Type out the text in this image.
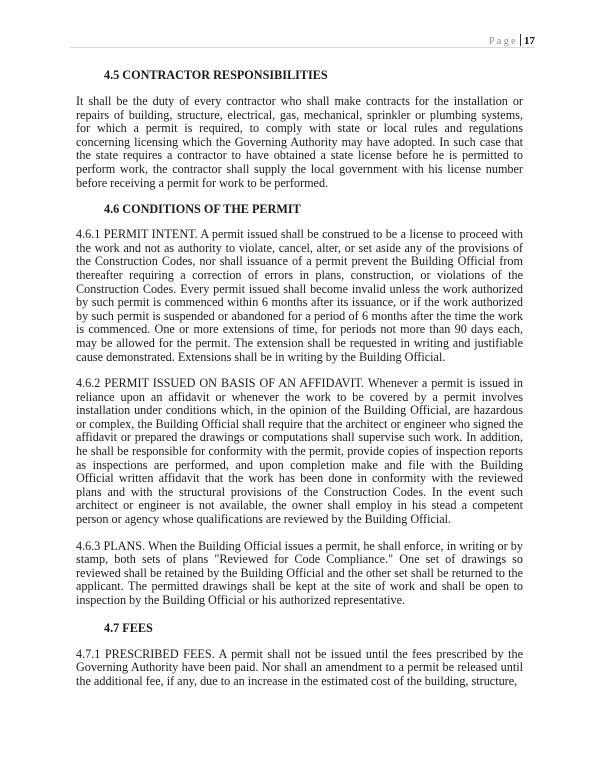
Page 17
4.5 CONTRACTOR RESPONSIBILITIES

It shall be the duty of every contractor who shall make contracts for the installation or repairs of building, structure, electrical, gas, mechanical, sprinkler or plumbing systems, for which a permit is required, to comply with state or local rules and regulations concerning licensing which the Governing Authority may have adopted. In such case that the state requires a contractor to have obtained a state license before he is permitted to perform work, the contractor shall supply the local government with his license number before receiving a permit for work to be performed.

4.6 CONDITIONS OF THE PERMIT

4.6.1 PERMIT INTENT. A permit issued shall be construed to be a license to proceed with the work and not as authority to violate, cancel, alter, or set aside any of the provisions of the Construction Codes, nor shall issuance of a permit prevent the Building Official from thereafter requiring a correction of errors in plans, construction, or violations of the Construction Codes. Every permit issued shall become invalid unless the work authorized by such permit is commenced within 6 months after its issuance, or if the work authorized by such permit is suspended or abandoned for a period of 6 months after the time the work is commenced. One or more extensions of time, for periods not more than 90 days each, may be allowed for the permit. The extension shall be requested in writing and justifiable cause demonstrated. Extensions shall be in writing by the Building Official.

4.6.2 PERMIT ISSUED ON BASIS OF AN AFFIDAVIT. Whenever a permit is issued in reliance upon an affidavit or whenever the work to be covered by a permit involves installation under conditions which, in the opinion of the Building Official, are hazardous or complex, the Building Official shall require that the architect or engineer who signed the affidavit or prepared the drawings or computations shall supervise such work. In addition, he shall be responsible for conformity with the permit, provide copies of inspection reports as inspections are performed, and upon completion make and file with the Building Official written affidavit that the work has been done in conformity with the reviewed plans and with the structural provisions of the Construction Codes. In the event such architect or engineer is not available, the owner shall employ in his stead a competent person or agency whose qualifications are reviewed by the Building Official.

4.6.3 PLANS. When the Building Official issues a permit, he shall enforce, in writing or by stamp, both sets of plans "Reviewed for Code Compliance." One set of drawings so reviewed shall be retained by the Building Official and the other set shall be returned to the applicant. The permitted drawings shall be kept at the site of work and shall be open to inspection by the Building Official or his authorized representative.

4.7 FEES

4.7.1 PRESCRIBED FEES. A permit shall not be issued until the fees prescribed by the Governing Authority have been paid. Nor shall an amendment to a permit be released until the additional fee, if any, due to an increase in the estimated cost of the building, structure,
